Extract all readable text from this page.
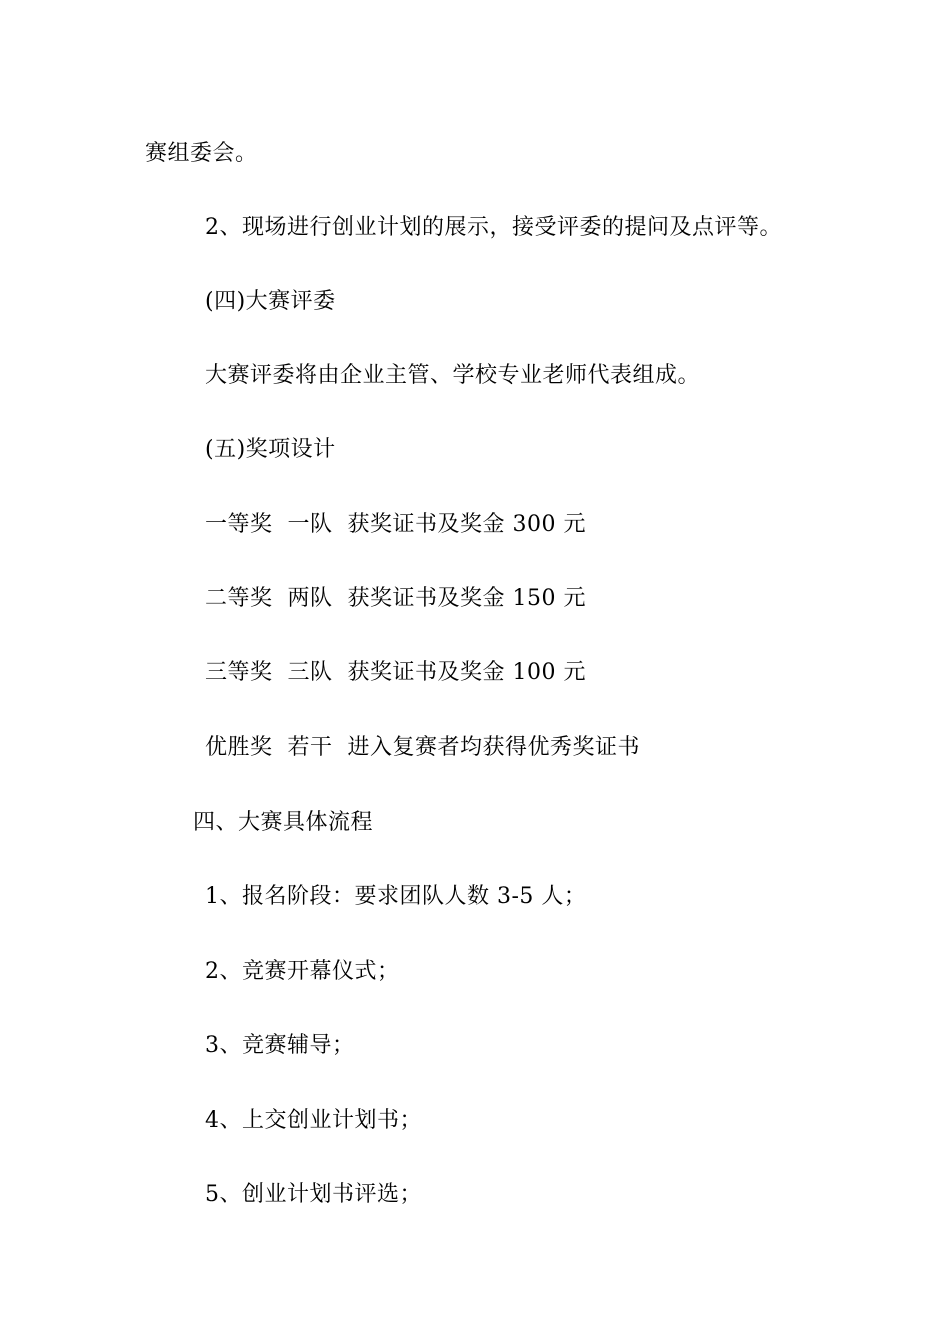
赛组委会。
2、现场进行创业计划的展示，接受评委的提问及点评等。
(四)大赛评委
大赛评委将由企业主管、学校专业老师代表组成。
(五)奖项设计
一等奖  一队  获奖证书及奖金 300 元
二等奖  两队  获奖证书及奖金 150 元
三等奖  三队  获奖证书及奖金 100 元
优胜奖  若干  进入复赛者均获得优秀奖证书
四、大赛具体流程
1、报名阶段：要求团队人数 3-5 人；
2、竞赛开幕仪式；
3、竞赛辅导；
4、上交创业计划书；
5、创业计划书评选；
